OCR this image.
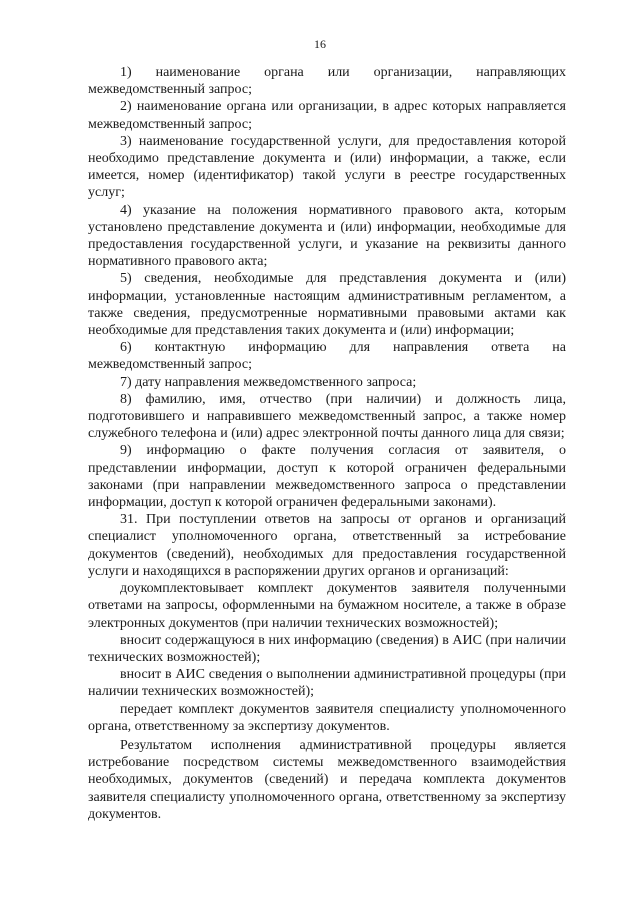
16

1) наименование органа или организации, направляющих межведомственный запрос;

2) наименование органа или организации, в адрес которых направляется межведомственный запрос;

3) наименование государственной услуги, для предоставления которой необходимо представление документа и (или) информации, а также, если имеется, номер (идентификатор) такой услуги в реестре государственных услуг;

4) указание на положения нормативного правового акта, которым установлено представление документа и (или) информации, необходимые для предоставления государственной услуги, и указание на реквизиты данного нормативного правового акта;

5) сведения, необходимые для представления документа и (или) информации, установленные настоящим административным регламентом, а также сведения, предусмотренные нормативными правовыми актами как необходимые для представления таких документа и (или) информации;

6) контактную информацию для направления ответа на межведомственный запрос;

7) дату направления межведомственного запроса;

8) фамилию, имя, отчество (при наличии) и должность лица, подготовившего и направившего межведомственный запрос, а также номер служебного телефона и (или) адрес электронной почты данного лица для связи;

9) информацию о факте получения согласия от заявителя, о представлении информации, доступ к которой ограничен федеральными законами (при направлении межведомственного запроса о представлении информации, доступ к которой ограничен федеральными законами).

31. При поступлении ответов на запросы от органов и организаций специалист уполномоченного органа, ответственный за истребование документов (сведений), необходимых для предоставления государственной услуги и находящихся в распоряжении других органов и организаций:

доукомплектовывает комплект документов заявителя полученными ответами на запросы, оформленными на бумажном носителе, а также в образе электронных документов (при наличии технических возможностей);

вносит содержащуюся в них информацию (сведения) в АИС (при наличии технических возможностей);

вносит в АИС сведения о выполнении административной процедуры (при наличии технических возможностей);

передает комплект документов заявителя специалисту уполномоченного органа, ответственному за экспертизу документов.

Результатом исполнения административной процедуры является истребование посредством системы межведомственного взаимодействия необходимых, документов (сведений) и передача комплекта документов заявителя специалисту уполномоченного органа, ответственному за экспертизу документов.
